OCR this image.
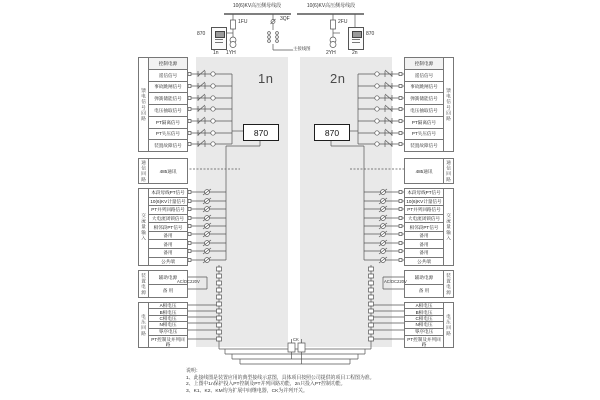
10(6)KV高压侧母线段	10(6)KV高压侧母线段
1FU	3QF	2FU
1YH	2YH
主接线图
870
1n
870
2n
1n	2n
870	870
馈电信号回路
控制电源
遥信信号
事故跳闸信号
弹簧储能信号
电压抽取信号
PT隔离信号
PT失压信号
装置故障信号
通信回路	485通讯
交流量输入
本段母线PT信号
10(6)KV计量信号
PT并列回路信号
大电流闭锁信号
相邻段PT信号
备用
备用
备用
公共端
装置电源	辅助电源
备 用
AC/DC220V
电压回路
A相电压
B相电压
C相电压
N相电压
零序电压
PT控制及并列回路
馈电信号回路
控制电源
遥信信号
事故跳闸信号
弹簧储能信号
电压抽取信号
PT隔离信号
PT失压信号
装置故障信号
通信回路
485通讯
交流量输入
本段母线PT信号
10(6)KV计量信号
PT并列回路信号
大电流闭锁信号
相邻段PT信号
备用
备用
备用
公共端
装置电源
辅助电源
备 用
AC/DC220V
电压回路
A相电压
B相电压
C相电压
N相电压
零序电压
PT控制及并列回路
CK
说明：
1、此接线图是装置应用的典型接线示意图，具体项目按照公司提供的项目工程图为准。
2、上图中1n保护投入PT控制及PT并列回路功能，2n只投入PT控制功能。
3、K1、K2、KM均为扩展中间继电器，CK为并列开关。
